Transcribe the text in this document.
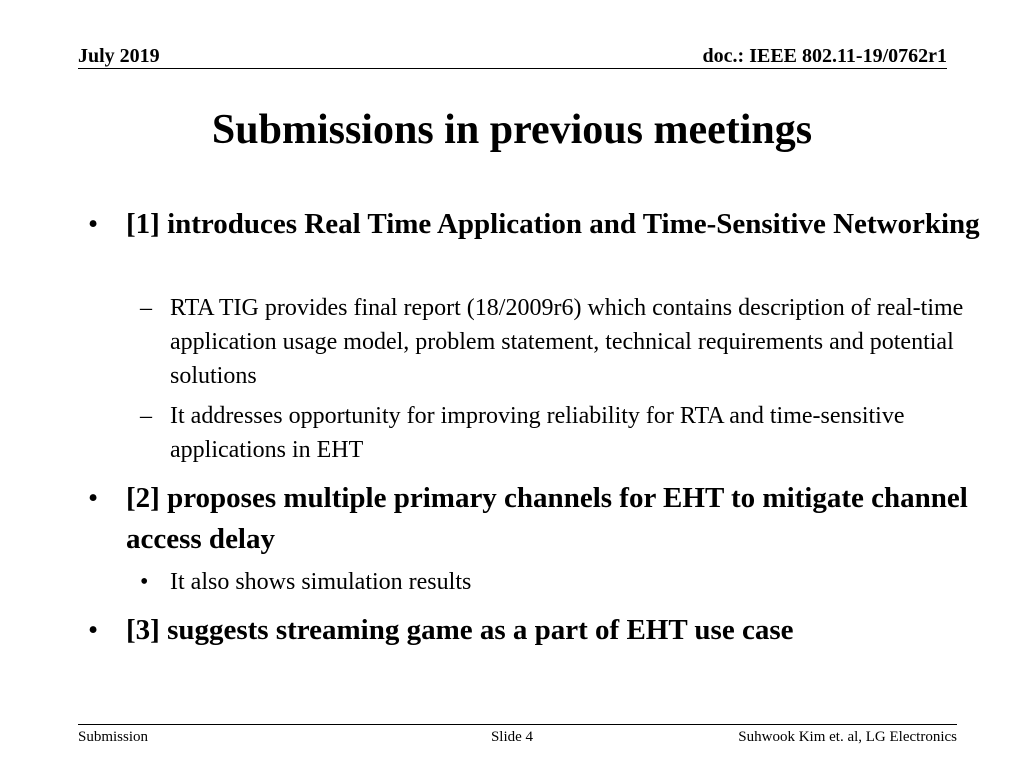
July 2019	doc.: IEEE 802.11-19/0762r1
Submissions in previous meetings
• [1] introduces Real Time Application and Time-Sensitive Networking
– RTA TIG provides final report (18/2009r6) which contains description of real-time application usage model, problem statement, technical requirements and potential solutions
– It addresses opportunity for improving reliability for RTA and time-sensitive applications in EHT
• [2] proposes multiple primary channels for EHT to mitigate channel access delay
• It also shows simulation results
• [3] suggests streaming game as a part of EHT use case
Submission	Slide 4	Suhwook Kim et. al, LG Electronics
